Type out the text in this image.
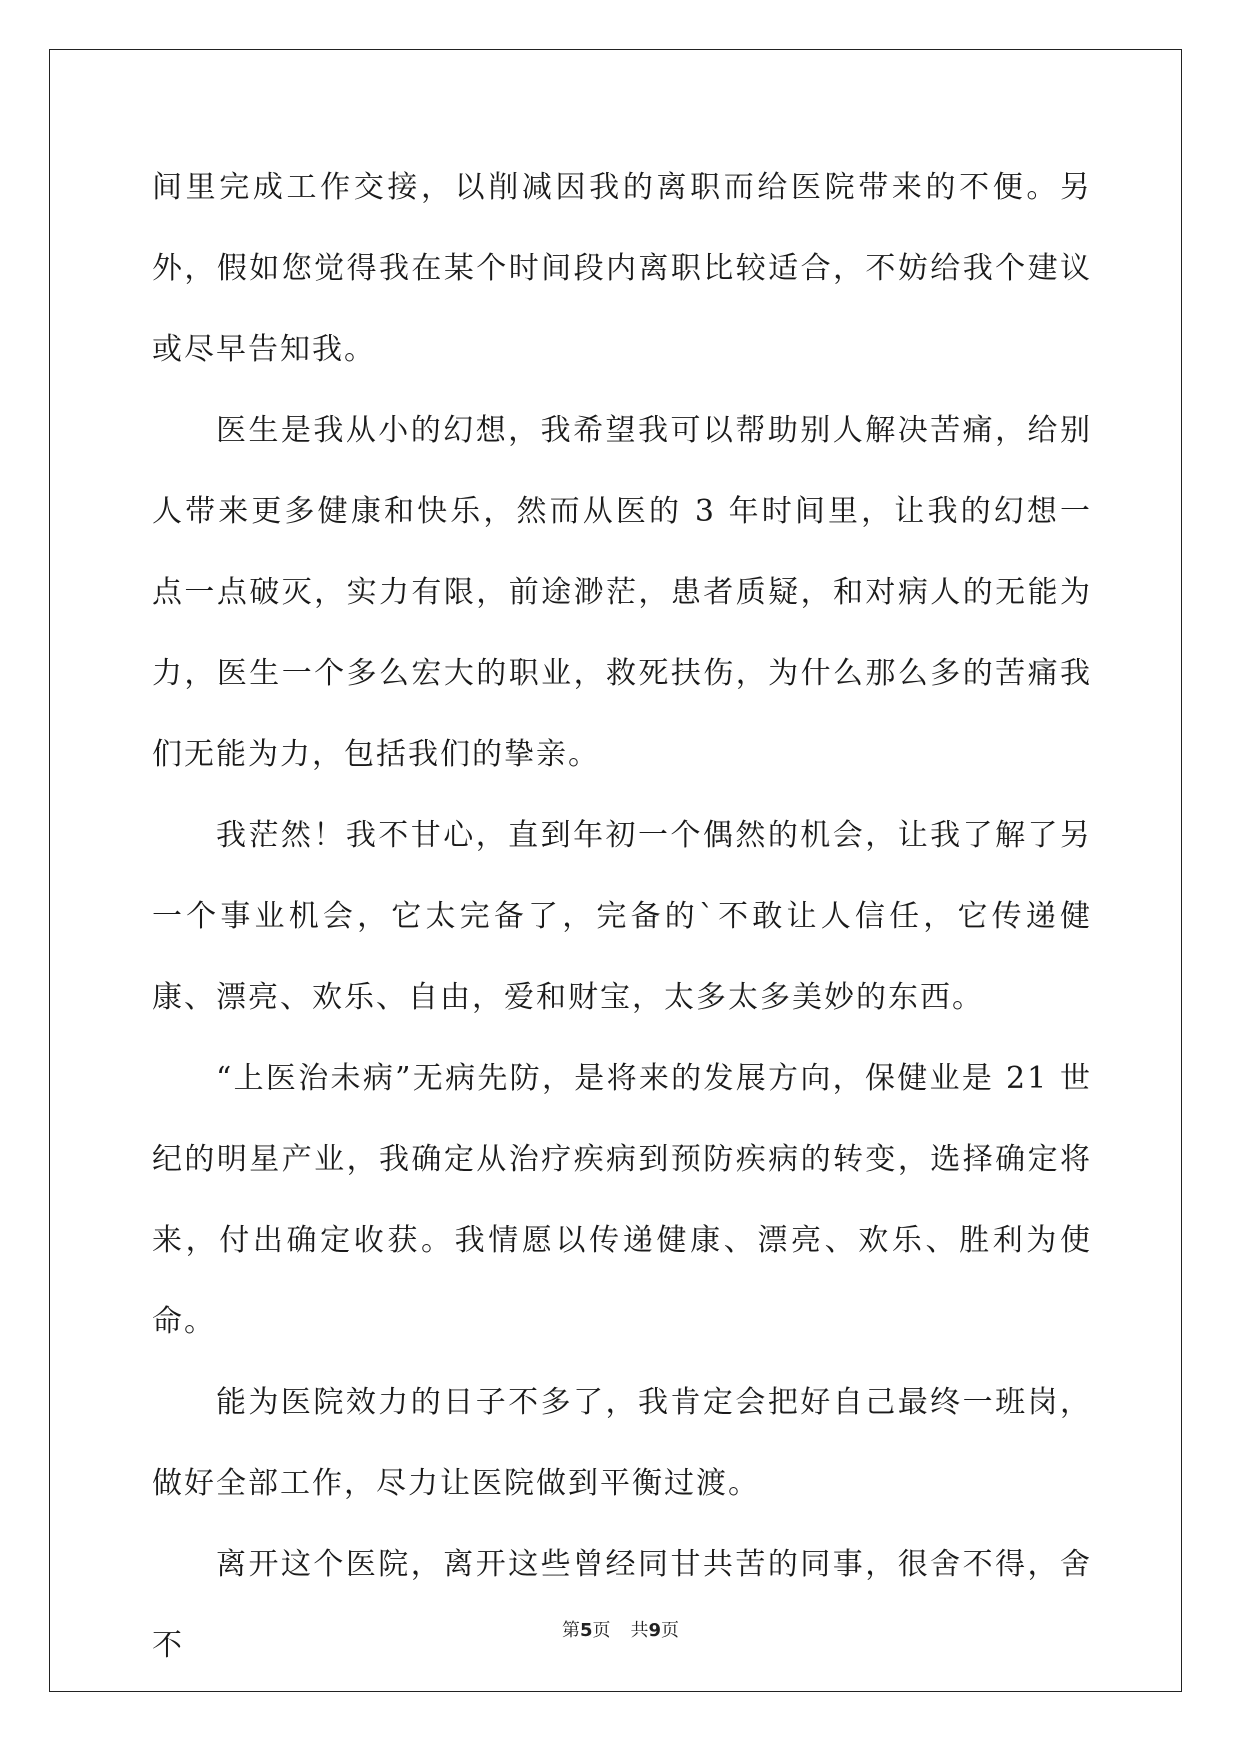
间里完成工作交接，以削减因我的离职而给医院带来的不便。另外，假如您觉得我在某个时间段内离职比较适合，不妨给我个建议或尽早告知我。

医生是我从小的幻想，我希望我可以帮助别人解决苦痛，给别人带来更多健康和快乐，然而从医的 3 年时间里，让我的幻想一点一点破灭，实力有限，前途渺茫，患者质疑，和对病人的无能为力，医生一个多么宏大的职业，救死扶伤，为什么那么多的苦痛我们无能为力，包括我们的挚亲。

我茫然！我不甘心，直到年初一个偶然的机会，让我了解了另一个事业机会，它太完备了，完备的`不敢让人信任，它传递健康、漂亮、欢乐、自由，爱和财宝，太多太多美妙的东西。

“上医治未病”无病先防，是将来的发展方向，保健业是 21 世纪的明星产业，我确定从治疗疾病到预防疾病的转变，选择确定将来，付出确定收获。我情愿以传递健康、漂亮、欢乐、胜利为使命。

能为医院效力的日子不多了，我肯定会把好自己最终一班岗，做好全部工作，尽力让医院做到平衡过渡。

离开这个医院，离开这些曾经同甘共苦的同事，很舍不得，舍不	第5页 共9页
